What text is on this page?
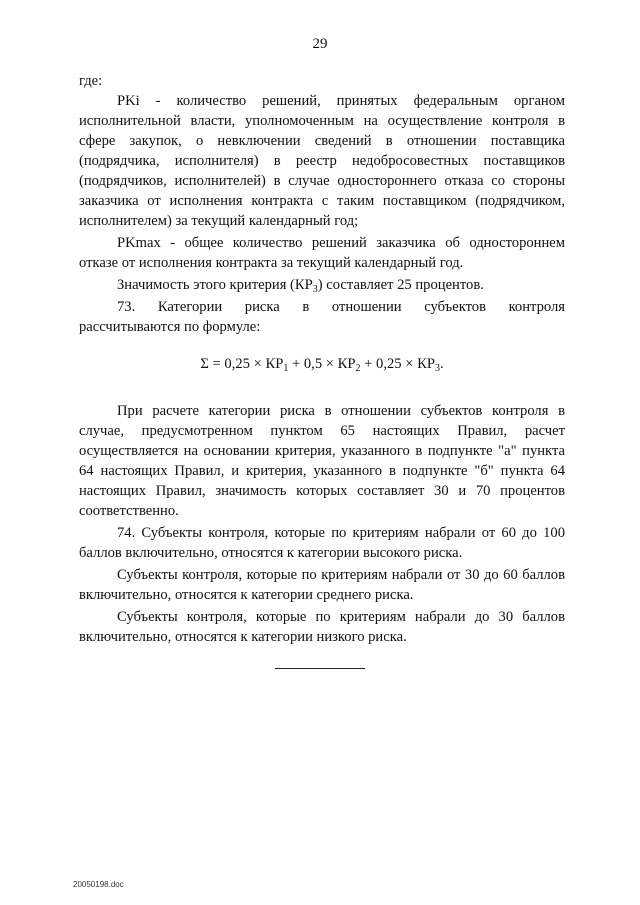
29

где:

РKi - количество решений, принятых федеральным органом исполнительной власти, уполномоченным на осуществление контроля в сфере закупок, о невключении сведений в отношении поставщика (подрядчика, исполнителя) в реестр недобросовестных поставщиков (подрядчиков, исполнителей) в случае одностороннего отказа со стороны заказчика от исполнения контракта с таким поставщиком (подрядчиком, исполнителем) за текущий календарный год;

РKmax - общее количество решений заказчика об одностороннем отказе от исполнения контракта за текущий календарный год.

Значимость этого критерия $(КР_3)$ составляет 25 процентов.

73. Категории риска в отношении субъектов контроля

рассчитываются по формуле:

$\Sigma = 0,25 \times КР_1 + 0,5 \times КР_2 + 0,25 \times КР_3$.

При расчете категории риска в отношении субъектов контроля в случае, предусмотренном пунктом 65 настоящих Правил, расчет осуществляется на основании критерия, указанного в подпункте "а" пункта 64 настоящих Правил, и критерия, указанного в подпункте "б" пункта 64 настоящих Правил, значимость которых составляет 30 и 70 процентов соответственно.

74. Субъекты контроля, которые по критериям набрали от 60 до 100 баллов включительно, относятся к категории высокого риска.

Субъекты контроля, которые по критериям набрали от 30 до 60 баллов включительно, относятся к категории среднего риска.

Субъекты контроля, которые по критериям набрали до 30 баллов включительно, относятся к категории низкого риска.

20050198.doc
